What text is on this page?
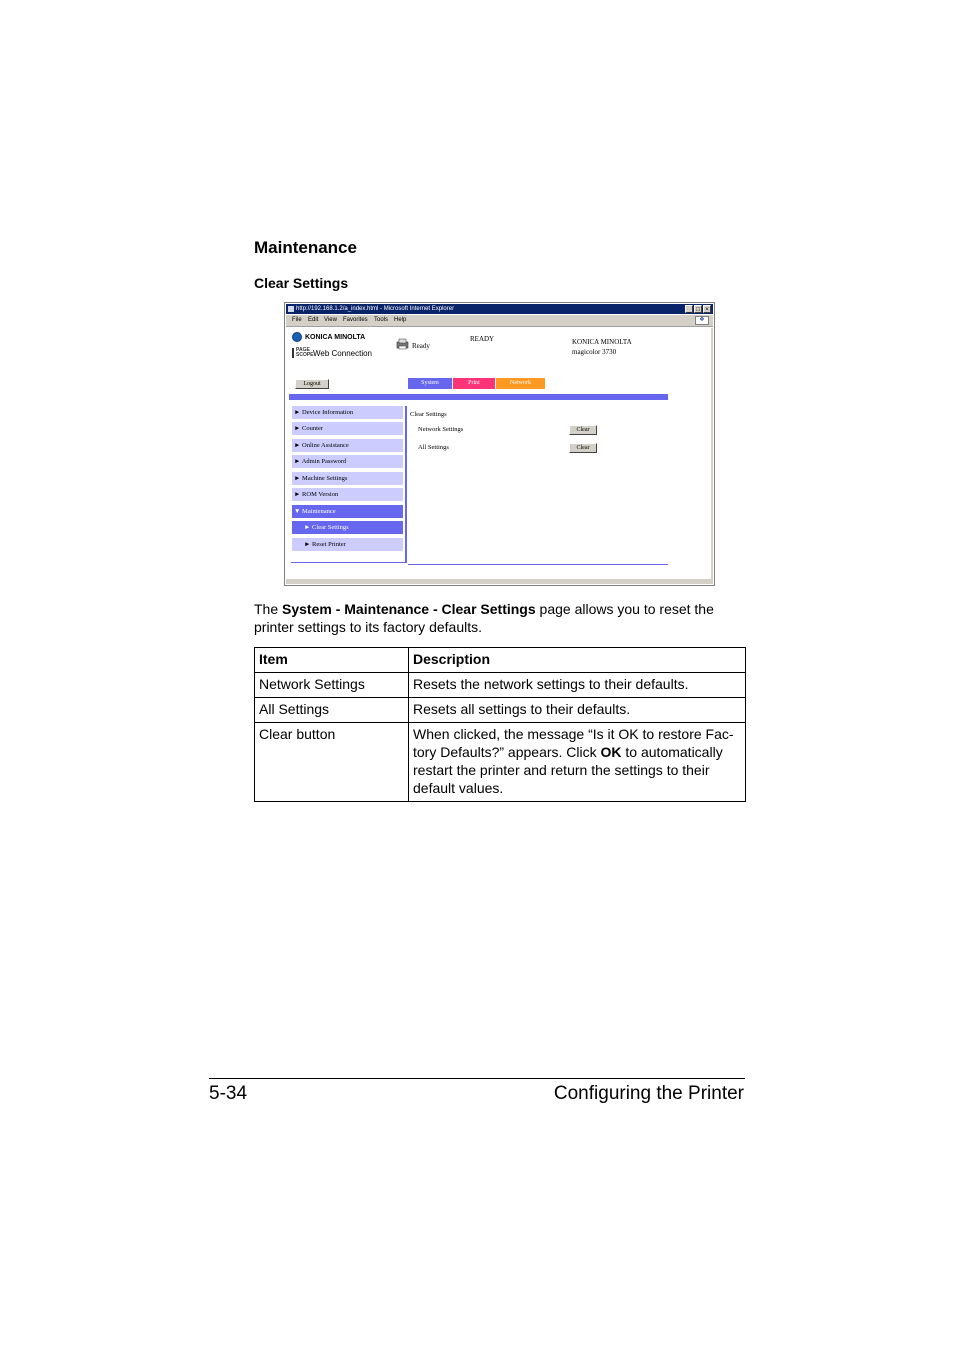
Maintenance
Clear Settings
http://192.168.1.2/a_index.html - Microsoft Internet Explorer	_ □ ×
File Edit View Favorites Tools Help	❖
KONICA MINOLTA
PAGE SCOPE Web Connection
Ready
READY	KONICA MINOLTA
magicolor 3730
Logout	System	Print	Network
► Device Information
► Counter
► Online Assistance
► Admin Password
► Machine Settings
► ROM Version
▼ Maintenance
► Clear Settings
► Reset Printer
Clear Settings
Network Settings	Clear
All Settings	Clear
The System - Maintenance - Clear Settings page allows you to reset the printer settings to its factory defaults.
Item	Description
Network Settings	Resets the network settings to their defaults.
All Settings	Resets all settings to their defaults.
Clear button	When clicked, the message “Is it OK to restore Fac-tory Defaults?” appears. Click OK to automatically restart the printer and return the settings to their default values.
5-34	Configuring the Printer
